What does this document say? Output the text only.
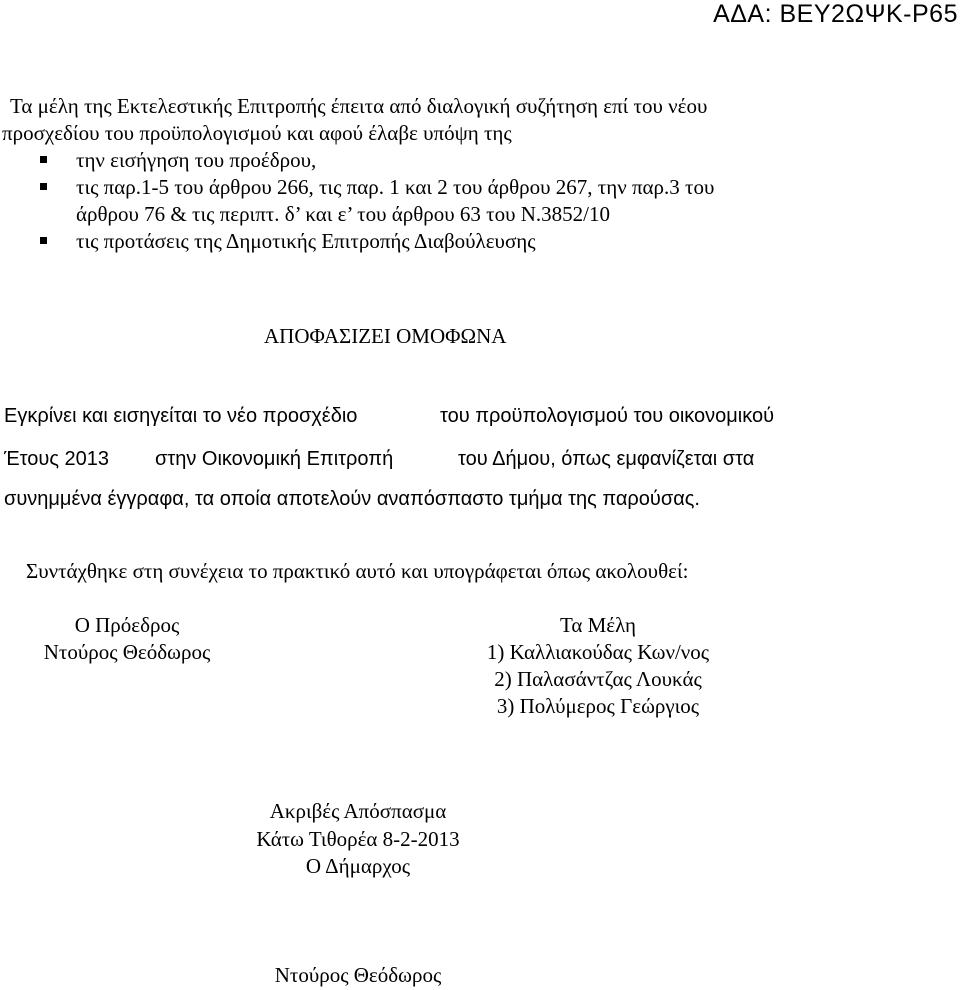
ΑΔΑ: ΒΕΥ2ΩΨΚ-Ρ65
Τα μέλη της Εκτελεστικής Επιτροπής έπειτα από διαλογική συζήτηση επί του νέου
προσχεδίου του προϋπολογισμού και αφού έλαβε υπόψη της
την εισήγηση του προέδρου,
τις παρ.1-5 του άρθρου 266, τις παρ. 1 και 2 του άρθρου 267, την παρ.3 του
άρθρου 76 & τις περιπτ. δ’ και ε’ του άρθρου 63 του Ν.3852/10
τις προτάσεις της Δημοτικής Επιτροπής Διαβούλευσης
ΑΠΟΦΑΣΙΖΕΙ ΟΜΟΦΩΝΑ
Εγκρίνει και εισηγείται το νέο προσχέδιο	του προϋπολογισμού του οικονομικού
Έτους 2013 στην Οικονομική Επιτροπή	του Δήμου, όπως εμφανίζεται στα
συνημμένα έγγραφα, τα οποία αποτελούν αναπόσπαστο τμήμα της παρούσας.
Συντάχθηκε στη συνέχεια το πρακτικό αυτό και υπογράφεται όπως ακολουθεί:
Ο Πρόεδρος
Ντούρος Θεόδωρος
Τα Μέλη
1) Καλλιακούδας Κων/νος
2) Παλασάντζας Λουκάς
3) Πολύμερος Γεώργιος
Ακριβές Απόσπασμα
Κάτω Τιθορέα 8-2-2013
Ο Δήμαρχος
Ντούρος Θεόδωρος
